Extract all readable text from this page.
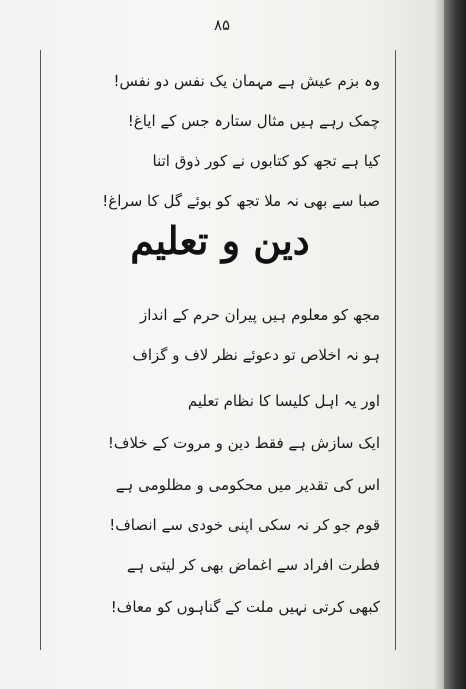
۸۵
وہ بزمِ عیش ہے مہمانِ یک نفس دو نفس!
چمک رہے ہیں مثالِ ستارہ جس کے ایاغ!
کیا ہے تجھ کو کتابوں نے کور ذوق اتنا
صبا سے بھی نہ ملا تجھ کو بوئے گل کا سراغ!
دین و تعلیم
مجھ کو معلوم ہیں پیرانِ حرم کے انداز
ہو نہ اخلاص تو دعوئے نظر لاف و گزاف
اور یہ اہلِ کلیسا کا نظامِ تعلیم
ایک سازش ہے فقط دین و مروت کے خلاف!
اس کی تقدیر میں محکومی و مظلومی ہے
قوم جو کر نہ سکی اپنی خودی سے انصاف!
فطرت افراد سے اغماض بھی کر لیتی ہے
کبھی کرتی نہیں ملت کے گناہوں کو معاف!
